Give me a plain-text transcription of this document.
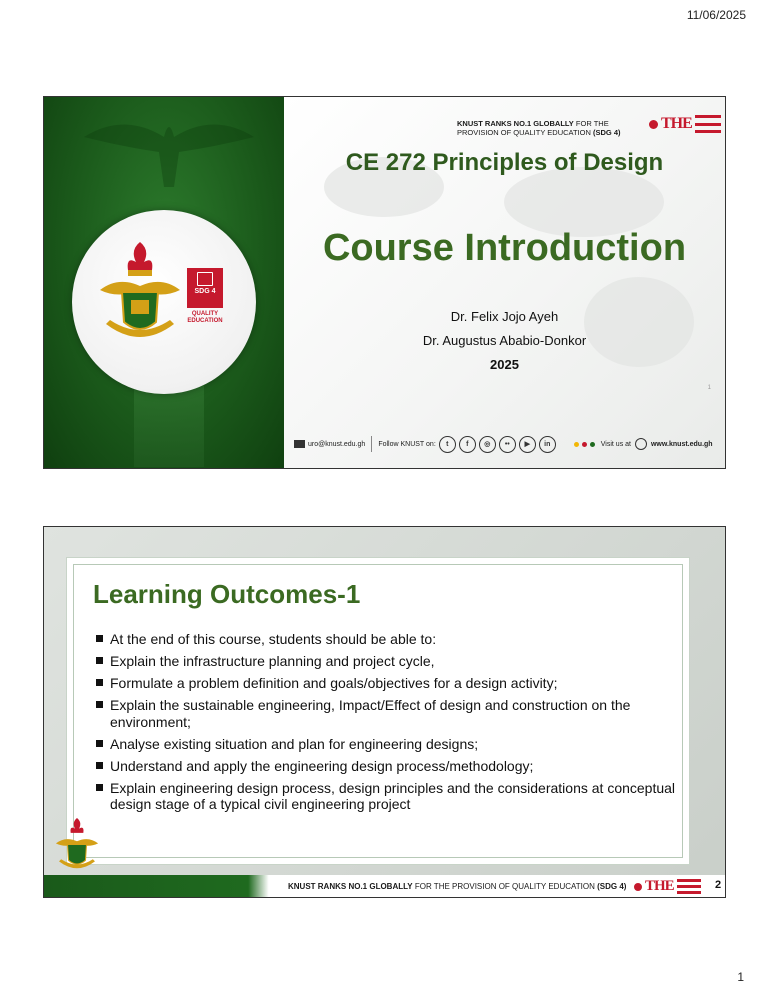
11/06/2025
SDG 4
QUALITY EDUCATION
KNUST RANKS NO.1 GLOBALLY FOR THE
PROVISION OF QUALITY EDUCATION (SDG 4)
THE
CE 272 Principles of Design
Course Introduction
Dr. Felix Jojo Ayeh
Dr. Augustus Ababio-Donkor
2025
1
uro@knust.edu.gh Follow KNUST on:	t	f	◎	••	▶	in	Visit us at	www.knust.edu.gh
Learning Outcomes-1
At the end of this course, students should be able to:
Explain the infrastructure planning and project cycle,
Formulate a problem definition and goals/objectives for a design activity;
Explain the sustainable engineering, Impact/Effect of design and construction on the environment;
Analyse existing situation and plan for engineering designs;
Understand and apply the engineering design process/methodology;
Explain engineering design process, design principles and the considerations at conceptual design stage of a typical civil engineering project
KNUST RANKS NO.1 GLOBALLY FOR THE PROVISION OF QUALITY EDUCATION (SDG 4) THE	2
1
